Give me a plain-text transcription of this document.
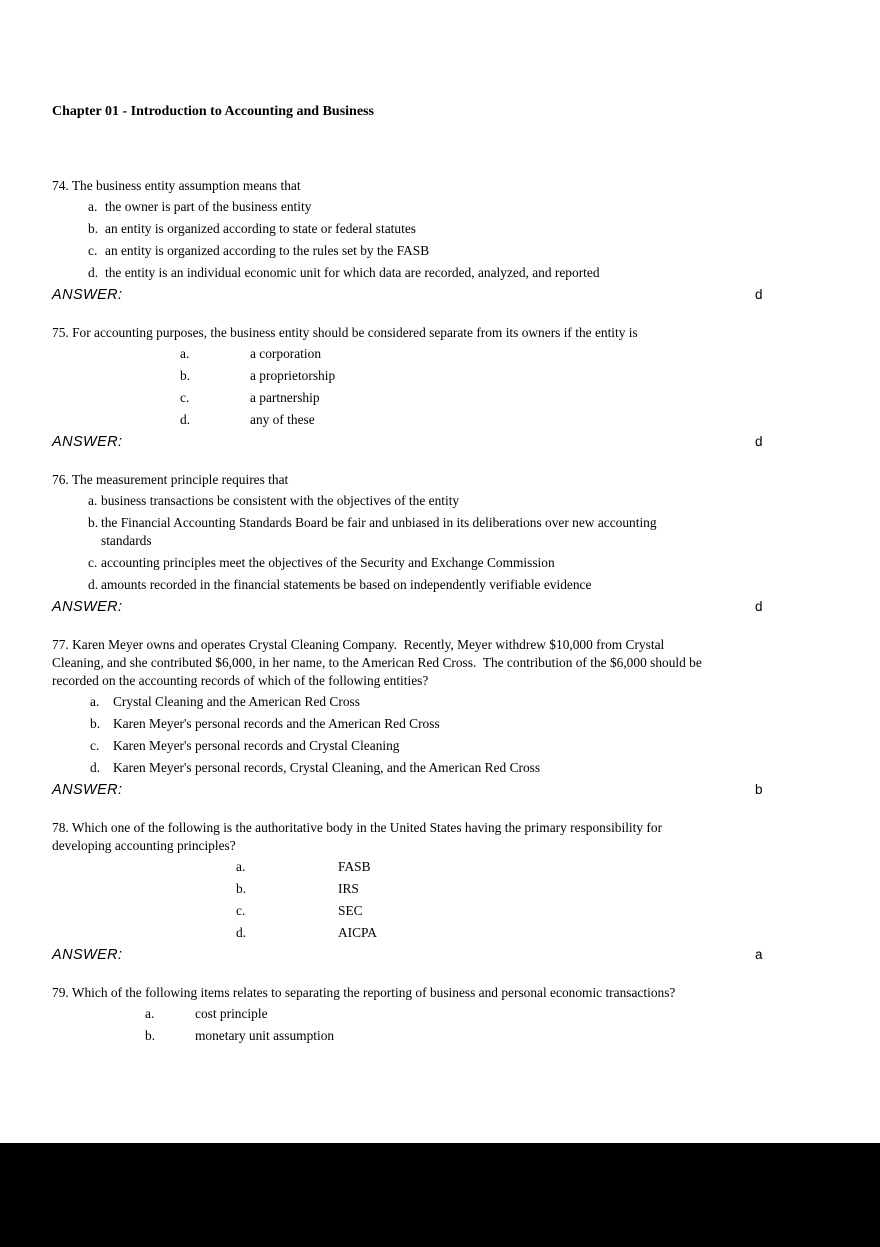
Chapter 01 - Introduction to Accounting and Business
74. The business entity assumption means that
a. the owner is part of the business entity
b. an entity is organized according to state or federal statutes
c. an entity is organized according to the rules set by the FASB
d. the entity is an individual economic unit for which data are recorded, analyzed, and reported
ANSWER:	d
75. For accounting purposes, the business entity should be considered separate from its owners if the entity is
a.	a corporation
b.	a proprietorship
c.	a partnership
d.	any of these
ANSWER:	d
76. The measurement principle requires that
a. business transactions be consistent with the objectives of the entity
b. the Financial Accounting Standards Board be fair and unbiased in its deliberations over new accounting
standards
c. accounting principles meet the objectives of the Security and Exchange Commission
d. amounts recorded in the financial statements be based on independently verifiable evidence
ANSWER:	d
77. Karen Meyer owns and operates Crystal Cleaning Company.  Recently, Meyer withdrew $10,000 from Crystal
Cleaning, and she contributed $6,000, in her name, to the American Red Cross.  The contribution of the $6,000 should be
recorded on the accounting records of which of the following entities?
a.	Crystal Cleaning and the American Red Cross
b. Karen Meyer's personal records and the American Red Cross
c.	Karen Meyer's personal records and Crystal Cleaning
d. Karen Meyer's personal records, Crystal Cleaning, and the American Red Cross
ANSWER:	b
78. Which one of the following is the authoritative body in the United States having the primary responsibility for
developing accounting principles?
a.	FASB
b.	IRS
c.	SEC
d.	AICPA
ANSWER:	a
79. Which of the following items relates to separating the reporting of business and personal economic transactions?
a.	cost principle
b.	monetary unit assumption
